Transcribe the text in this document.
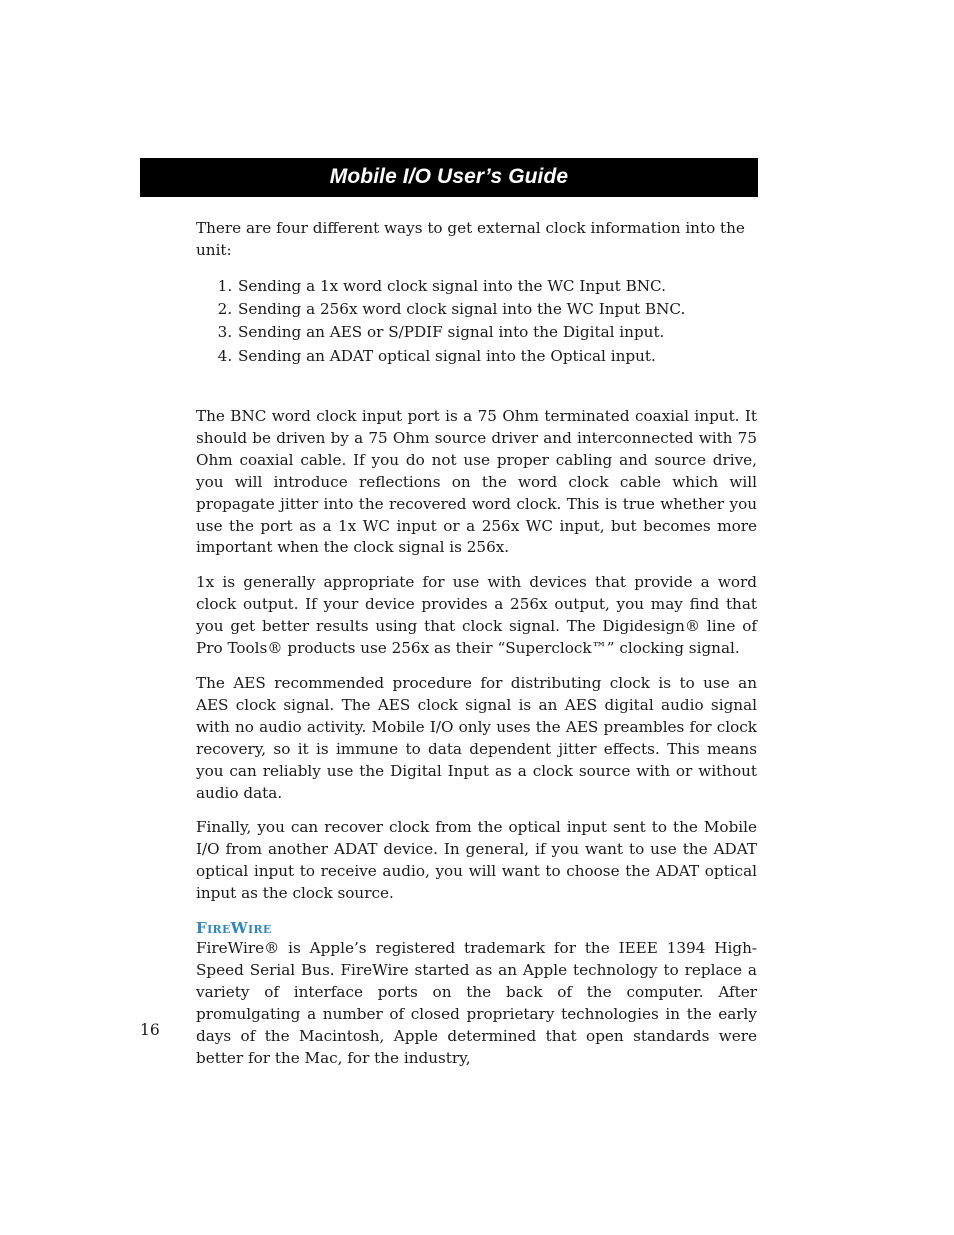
Mobile I/O User’s Guide

There are four different ways to get external clock information into the unit:

1. Sending a 1x word clock signal into the WC Input BNC.
2. Sending a 256x word clock signal into the WC Input BNC.
3. Sending an AES or S/PDIF signal into the Digital input.
4. Sending an ADAT optical signal into the Optical input.

The BNC word clock input port is a 75 Ohm terminated coaxial input. It should be driven by a 75 Ohm source driver and interconnected with 75 Ohm coaxial cable. If you do not use proper cabling and source drive, you will introduce reflections on the word clock cable which will propagate jitter into the recovered word clock. This is true whether you use the port as a 1x WC input or a 256x WC input, but becomes more important when the clock signal is 256x.

1x is generally appropriate for use with devices that provide a word clock output. If your device provides a 256x output, you may find that you get better results using that clock signal. The Digidesign® line of Pro Tools® products use 256x as their “Superclock™” clocking signal.

The AES recommended procedure for distributing clock is to use an AES clock signal. The AES clock signal is an AES digital audio signal with no audio activity. Mobile I/O only uses the AES preambles for clock recovery, so it is immune to data dependent jitter effects. This means you can reliably use the Digital Input as a clock source with or without audio data.

Finally, you can recover clock from the optical input sent to the Mobile I/O from another ADAT device. In general, if you want to use the ADAT optical input to receive audio, you will want to choose the ADAT optical input as the clock source.

FireWire

FireWire® is Apple’s registered trademark for the IEEE 1394 High-Speed Serial Bus. FireWire started as an Apple technology to replace a variety of interface ports on the back of the computer. After promulgating a number of closed proprietary technologies in the early days of the Macintosh, Apple determined that open standards were better for the Mac, for the industry,

16
